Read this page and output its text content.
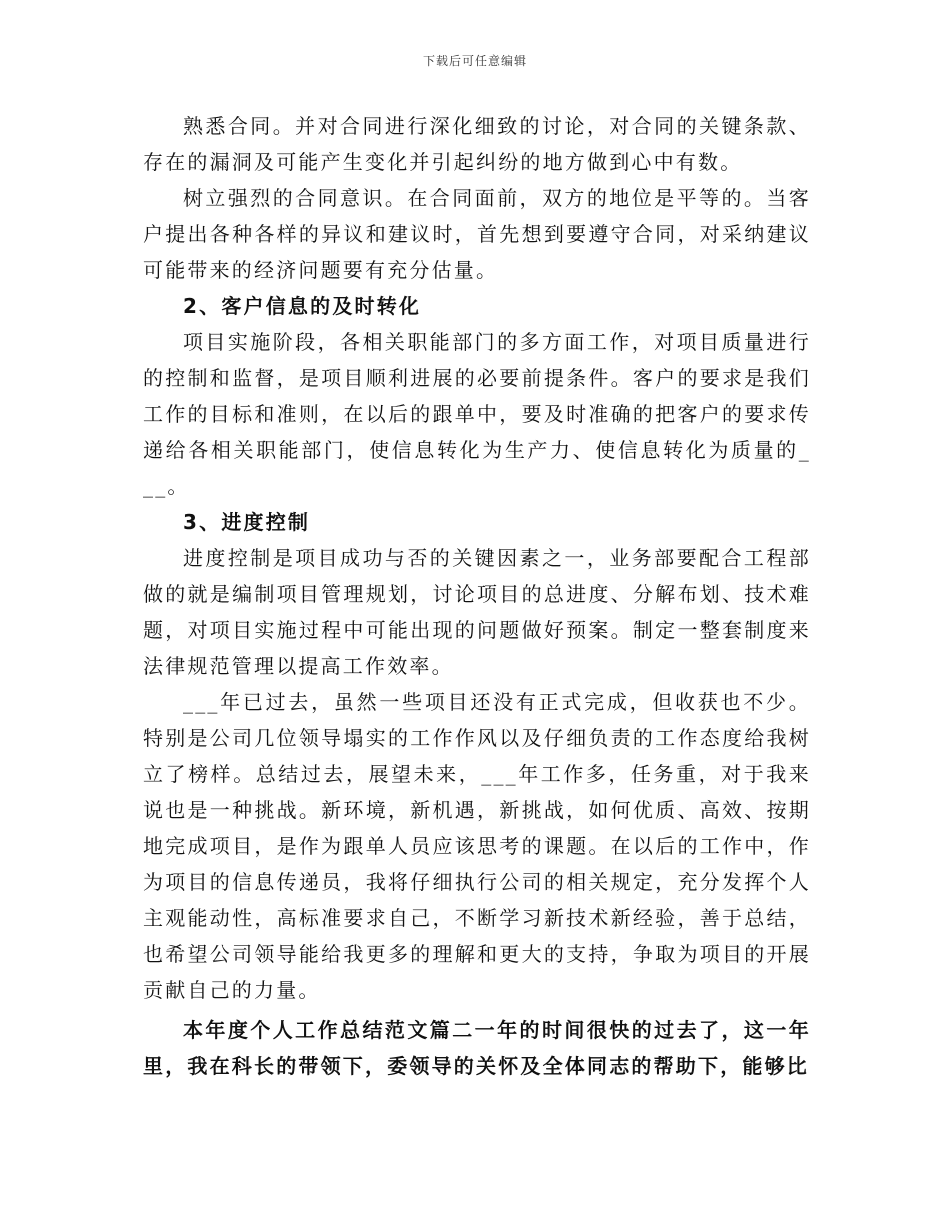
下载后可任意编辑

熟悉合同。并对合同进行深化细致的讨论，对合同的关键条款、存在的漏洞及可能产生变化并引起纠纷的地方做到心中有数。

树立强烈的合同意识。在合同面前，双方的地位是平等的。当客户提出各种各样的异议和建议时，首先想到要遵守合同，对采纳建议可能带来的经济问题要有充分估量。

2、客户信息的及时转化

项目实施阶段，各相关职能部门的多方面工作，对项目质量进行的控制和监督，是项目顺利进展的必要前提条件。客户的要求是我们工作的目标和准则，在以后的跟单中，要及时准确的把客户的要求传递给各相关职能部门，使信息转化为生产力、使信息转化为质量的___。

3、进度控制

进度控制是项目成功与否的关键因素之一，业务部要配合工程部做的就是编制项目管理规划，讨论项目的总进度、分解布划、技术难题，对项目实施过程中可能出现的问题做好预案。制定一整套制度来法律规范管理以提高工作效率。

___年已过去，虽然一些项目还没有正式完成，但收获也不少。特别是公司几位领导塌实的工作作风以及仔细负责的工作态度给我树立了榜样。总结过去，展望未来，___年工作多，任务重，对于我来说也是一种挑战。新环境，新机遇，新挑战，如何优质、高效、按期地完成项目，是作为跟单人员应该思考的课题。在以后的工作中，作为项目的信息传递员，我将仔细执行公司的相关规定，充分发挥个人主观能动性，高标准要求自己，不断学习新技术新经验，善于总结，也希望公司领导能给我更多的理解和更大的支持，争取为项目的开展贡献自己的力量。

本年度个人工作总结范文篇二一年的时间很快的过去了，这一年里，我在科长的带领下，委领导的关怀及全体同志的帮助下，能够比
